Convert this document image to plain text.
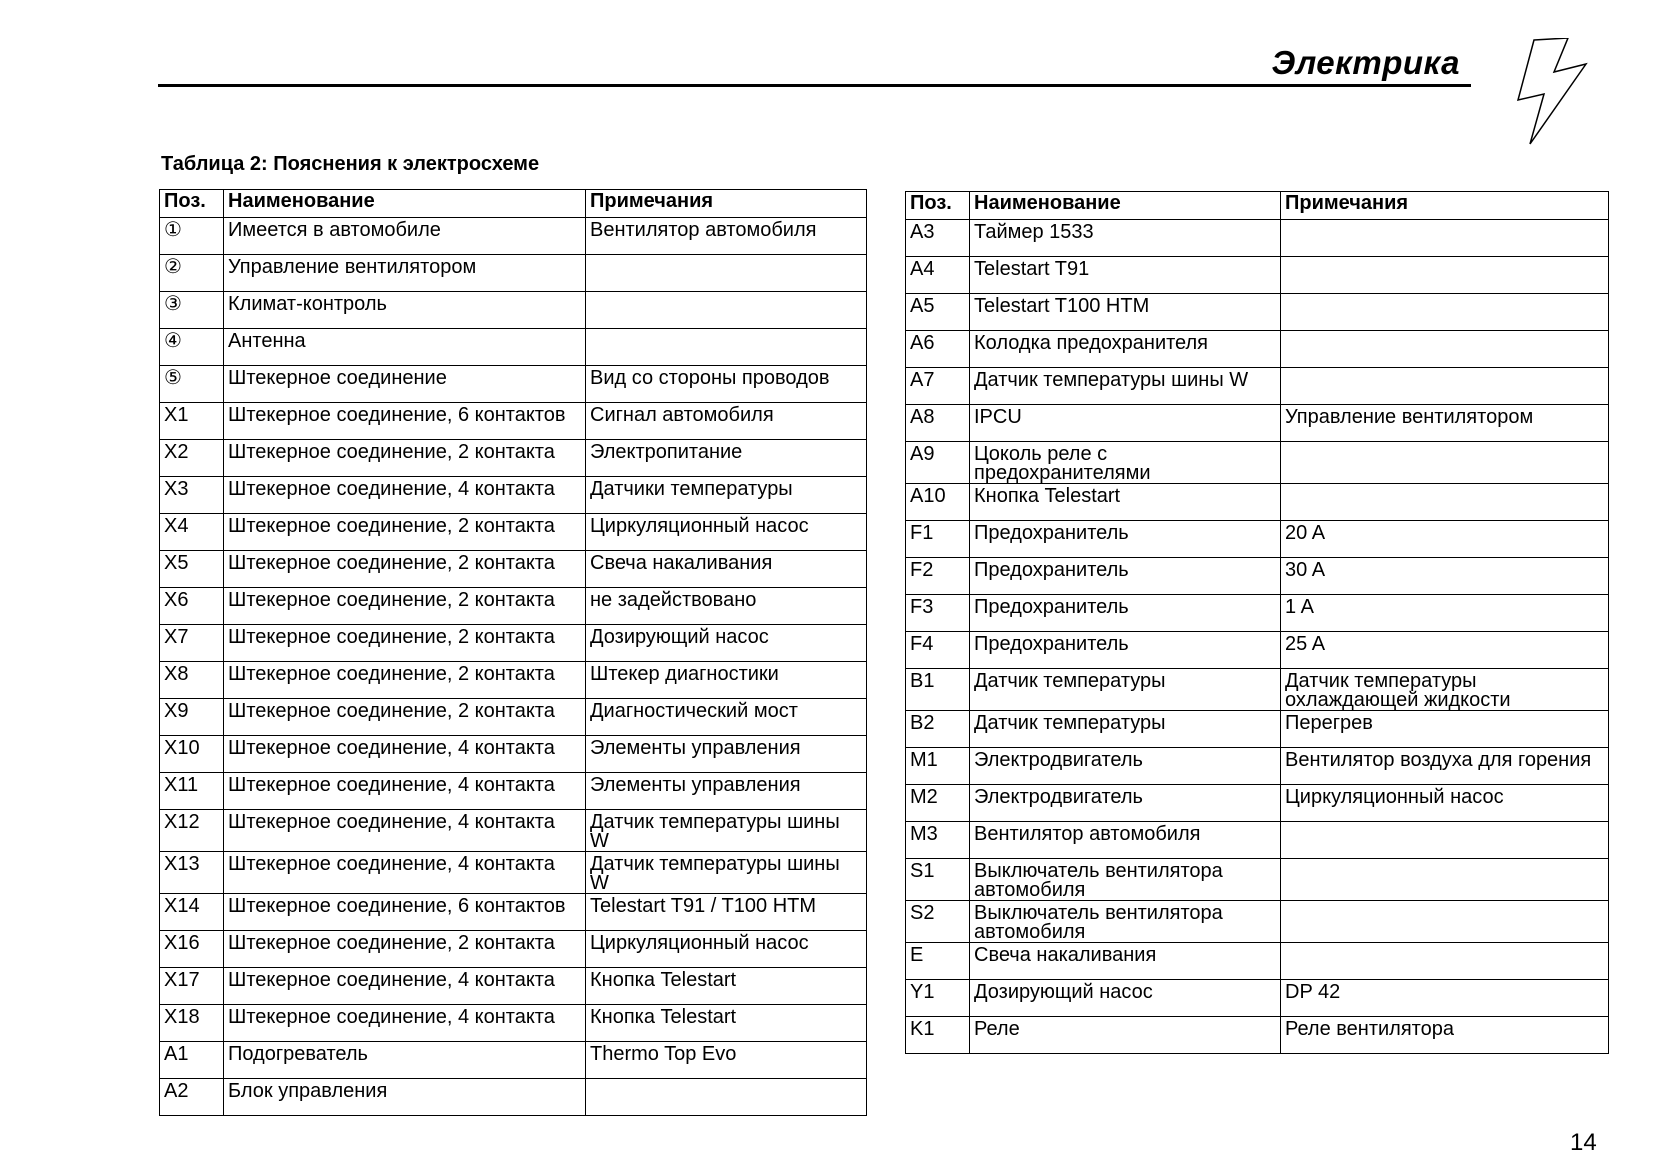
Электрика
Таблица 2: Пояснения к электросхеме
Поз.	Наименование	Примечания
①	Имеется в автомобиле	Вентилятор автомобиля
②	Управление вентилятором	
③	Климат-контроль	
④	Антенна	
⑤	Штекерное соединение	Вид со стороны проводов
X1	Штекерное соединение, 6 контактов	Сигнал автомобиля
X2	Штекерное соединение, 2 контакта	Электропитание
X3	Штекерное соединение, 4 контакта	Датчики температуры
X4	Штекерное соединение, 2 контакта	Циркуляционный насос
X5	Штекерное соединение, 2 контакта	Свеча накаливания
X6	Штекерное соединение, 2 контакта	не задействовано
X7	Штекерное соединение, 2 контакта	Дозирующий насос
X8	Штекерное соединение, 2 контакта	Штекер диагностики
X9	Штекерное соединение, 2 контакта	Диагностический мост
X10	Штекерное соединение, 4 контакта	Элементы управления
X11	Штекерное соединение, 4 контакта	Элементы управления
X12	Штекерное соединение, 4 контакта	Датчик температуры шины W
X13	Штекерное соединение, 4 контакта	Датчик температуры шины W
X14	Штекерное соединение, 6 контактов	Telestart T91 / T100 HTM
X16	Штекерное соединение, 2 контакта	Циркуляционный насос
X17	Штекерное соединение, 4 контакта	Кнопка Telestart
X18	Штекерное соединение, 4 контакта	Кнопка Telestart
A1	Подогреватель	Thermo Top Evo
A2	Блок управления	
Поз.	Наименование	Примечания
A3	Таймер 1533	
A4	Telestart T91	
A5	Telestart T100 HTM	
A6	Колодка предохранителя	
A7	Датчик температуры шины W	
A8	IPCU	Управление вентилятором
A9	Цоколь реле с предохранителями	
A10	Кнопка Telestart	
F1	Предохранитель	20 A
F2	Предохранитель	30 A
F3	Предохранитель	1 A
F4	Предохранитель	25 A
B1	Датчик температуры	Датчик температуры охлаждающей жидкости
B2	Датчик температуры	Перегрев
M1	Электродвигатель	Вентилятор воздуха для горения
M2	Электродвигатель	Циркуляционный насос
M3	Вентилятор автомобиля	
S1	Выключатель вентилятора автомобиля	
S2	Выключатель вентилятора автомобиля	
E	Свеча накаливания	
Y1	Дозирующий насос	DP 42
K1	Реле	Реле вентилятора
14
